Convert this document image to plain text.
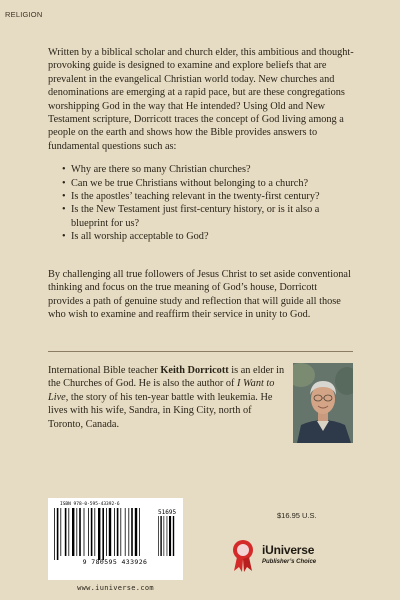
RELIGION

Written by a biblical scholar and church elder, this ambitious and thought-provoking guide is designed to examine and explore beliefs that are prevalent in the evangelical Christian world today. New churches and denominations are emerging at a rapid pace, but are these congregations worshipping God in the way that He intended? Using Old and New Testament scripture, Dorricott traces the concept of God living among a people on the earth and shows how the Bible provides answers to fundamental questions such as:

• Why are there so many Christian churches?
• Can we be true Christians without belonging to a church?
• Is the apostles’ teaching relevant in the twenty-first century?
• Is the New Testament just first-century history, or is it also a blueprint for us?
• Is all worship acceptable to God?

By challenging all true followers of Jesus Christ to set aside conventional thinking and focus on the true meaning of God’s house, Dorricott provides a path of genuine study and reflection that will guide all those who wish to examine and reaffirm their service in unity to God.

International Bible teacher Keith Dorricott is an elder in the Churches of God. He is also the author of I Want to Live, the story of his ten-year battle with leukemia. He lives with his wife, Sandra, in King City, north of Toronto, Canada.

ISBN 978-0-595-43392-6
51695
9 780595 433926
www.iuniverse.com
$16.95 U.S.
iUniverse
Publisher’s Choice
